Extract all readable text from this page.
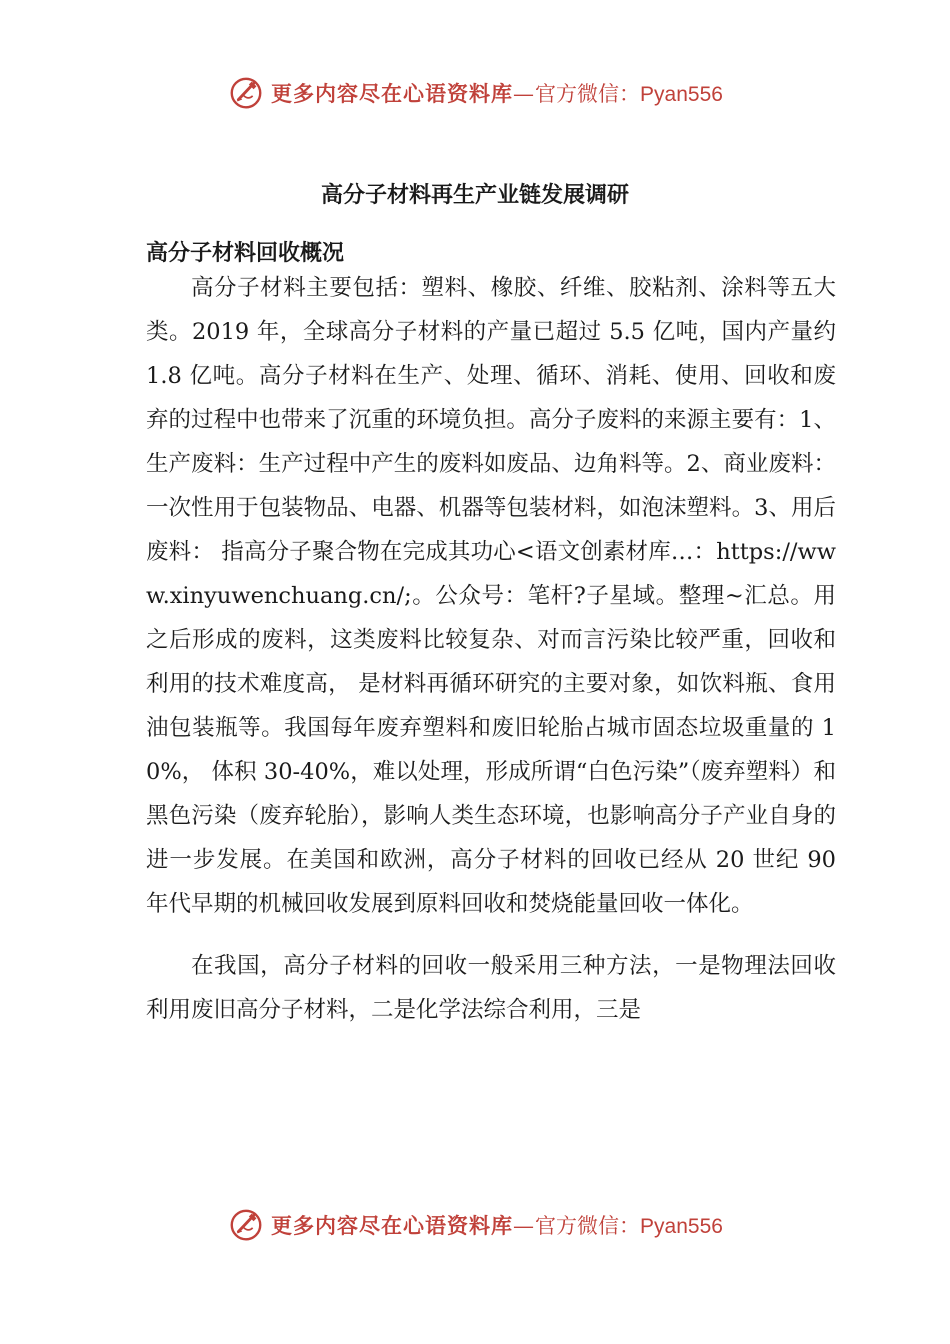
更多内容尽在心语资料库—官方微信：Pyan556
高分子材料再生产业链发展调研
高分子材料回收概况

高分子材料主要包括：塑料、橡胶、纤维、胶粘剂、涂料等五大类。2019 年，全球高分子材料的产量已超过 5.5 亿吨，国内产量约 1.8 亿吨。高分子材料在生产、处理、循环、消耗、使用、回收和废弃的过程中也带来了沉重的环境负担。高分子废料的来源主要有：1、生产废料：生产过程中产生的废料如废品、边角料等。2、商业废料：一次性用于包装物品、电器、机器等包装材料，如泡沫塑料。3、用后废料： 指高分子聚合物在完成其功心<语文创素材库…：https://www.xinyuwenchuang.cn/;。公众号：笔杆?子星域。整理~汇总。用之后形成的废料，这类废料比较复杂、对而言污染比较严重，回收和利用的技术难度高， 是材料再循环研究的主要对象，如饮料瓶、食用油包装瓶等。我国每年废弃塑料和废旧轮胎占城市固态垃圾重量的 10%， 体积 30-40%，难以处理，形成所谓“白色污染”（废弃塑料）和黑色污染（废弃轮胎），影响人类生态环境，也影响高分子产业自身的进一步发展。在美国和欧洲，高分子材料的回收已经从 20 世纪 90 年代早期的机械回收发展到原料回收和焚烧能量回收一体化。

在我国，高分子材料的回收一般采用三种方法，一是物理法回收利用废旧高分子材料，二是化学法综合利用，三是

更多内容尽在心语资料库—官方微信：Pyan556
